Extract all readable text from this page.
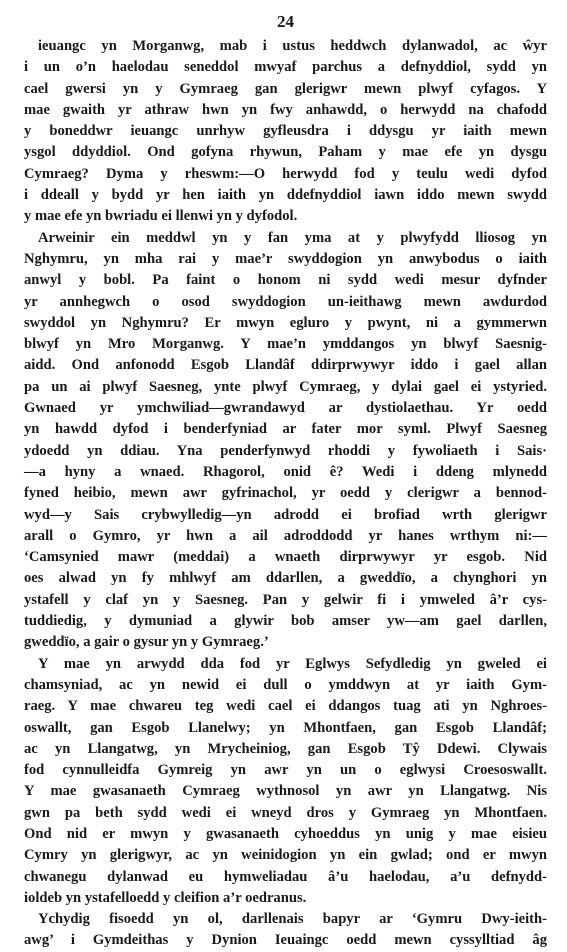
24

ieuangc yn Morganwg, mab i ustus heddwch dylanwadol, ac ŵyr
i un o’n haelodau seneddol mwyaf parchus a defnyddiol, sydd yn
cael gwersi yn y Gymraeg gan glerigwr mewn plwyf cyfagos. Y
mae gwaith yr athraw hwn yn fwy anhawdd, o herwydd na chafodd
y boneddwr ieuangc unrhyw gyfleusdra i ddysgu yr iaith mewn
ysgol ddyddiol. Ond gofyna rhywun, Paham y mae efe yn dysgu
Cymraeg? Dyma y rheswm:—O herwydd fod y teulu wedi dyfod
i ddeall y bydd yr hen iaith yn ddefnyddiol iawn iddo mewn swydd
y mae efe yn bwriadu ei llenwi yn y dyfodol.

Arweinir ein meddwl yn y fan yma at y plwyfydd lliosog yn
Nghymru, yn mha rai y mae’r swyddogion yn anwybodus o iaith
anwyl y bobl. Pa faint o honom ni sydd wedi mesur dyfnder
yr annhegwch o osod swyddogion un-ieithawg mewn awdurdod
swyddol yn Nghymru? Er mwyn egluro y pwynt, ni a gymmerwn
blwyf yn Mro Morganwg. Y mae’n ymddangos yn blwyf Saesnig-
aidd. Ond anfonodd Esgob Llandâf ddirprwywyr iddo i gael allan
pa un ai plwyf Saesneg, ynte plwyf Cymraeg, y dylai gael ei ystyried.
Gwnaed yr ymchwiliad—gwrandawyd ar dystiolaethau. Yr oedd
yn hawdd dyfod i benderfyniad ar fater mor syml. Plwyf Saesneg
ydoedd yn ddiau. Yna penderfynwyd rhoddi y fywoliaeth i Sais·
—a hyny a wnaed. Rhagorol, onid ê? Wedi i ddeng mlynedd
fyned heibio, mewn awr gyfrinachol, yr oedd y clerigwr a bennod-
wyd—y Sais crybwylledig—yn adrodd ei brofiad wrth glerigwr
arall o Gymro, yr hwn a ail adroddodd yr hanes wrthym ni:—
‘Camsynied mawr (meddai) a wnaeth dirprwywyr yr esgob. Nid
oes alwad yn fy mhlwyf am ddarllen, a gweddïo, a chynghori yn
ystafell y claf yn y Saesneg. Pan y gelwir fi i ymweled â’r cys-
tuddiedig, y dymuniad a glywir bob amser yw—am gael darllen,
gweddïo, a gair o gysur yn y Gymraeg.’

Y mae yn arwydd dda fod yr Eglwys Sefydledig yn gweled ei
chamsyniad, ac yn newid ei dull o ymddwyn at yr iaith Gym-
raeg. Y mae chwareu teg wedi cael ei ddangos tuag ati yn Nghroes-
oswallt, gan Esgob Llanelwy; yn Mhontfaen, gan Esgob Llandâf;
ac yn Llangatwg, yn Mrycheiniog, gan Esgob Tŷ Ddewi. Clywais
fod cynnulleidfa Gymreig yn awr yn un o eglwysi Croesoswallt.
Y mae gwasanaeth Cymraeg wythnosol yn awr yn Llangatwg. Nis
gwn pa beth sydd wedi ei wneyd dros y Gymraeg yn Mhontfaen.
Ond nid er mwyn y gwasanaeth cyhoeddus yn unig y mae eisieu
Cymry yn glerigwyr, ac yn weinidogion yn ein gwlad; ond er mwyn
chwanegu dylanwad eu hymweliadau â’u haelodau, a’u defnydd-
ioldeb yn ystafelloedd y cleifion a’r oedranus.

Ychydig fisoedd yn ol, darllenais bapyr ar ‘Gymru Dwy-ieith-
awg’ i Gymdeithas y Dynion Ieuaingc oedd mewn cyssylltiad âg
